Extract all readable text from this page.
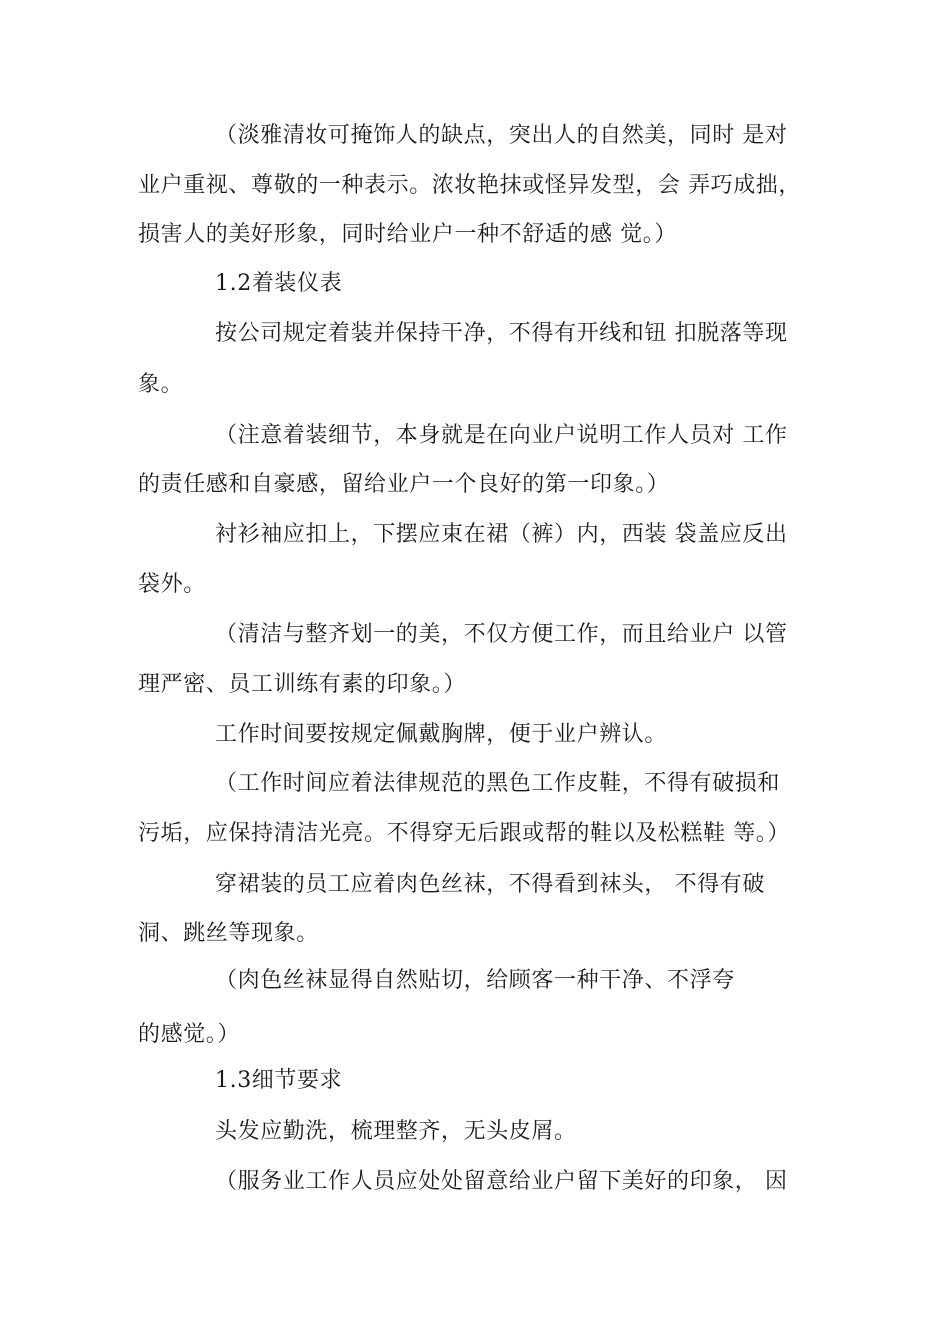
（淡雅清妆可掩饰人的缺点，突出人的自然美，同时 是对
业户重视、尊敬的一种表示。浓妆艳抹或怪异发型，会 弄巧成拙，
损害人的美好形象，同时给业户一种不舒适的感 觉。）
1.2着装仪表
按公司规定着装并保持干净，不得有开线和钮 扣脱落等现
象。
（注意着装细节，本身就是在向业户说明工作人员对 工作
的责任感和自豪感，留给业户一个良好的第一印象。）
衬衫袖应扣上，下摆应束在裙（裤）内，西装 袋盖应反出
袋外。
（清洁与整齐划一的美，不仅方便工作，而且给业户 以管
理严密、员工训练有素的印象。）
工作时间要按规定佩戴胸牌，便于业户辨认。
（工作时间应着法律规范的黑色工作皮鞋，不得有破损和
污垢，应保持清洁光亮。不得穿无后跟或帮的鞋以及松糕鞋 等。）
穿裙装的员工应着肉色丝袜，不得看到袜头， 不得有破
洞、跳丝等现象。
（肉色丝袜显得自然贴切，给顾客一种干净、不浮夸
的感觉。）
1.3细节要求
头发应勤洗，梳理整齐，无头皮屑。
（服务业工作人员应处处留意给业户留下美好的印象， 因
